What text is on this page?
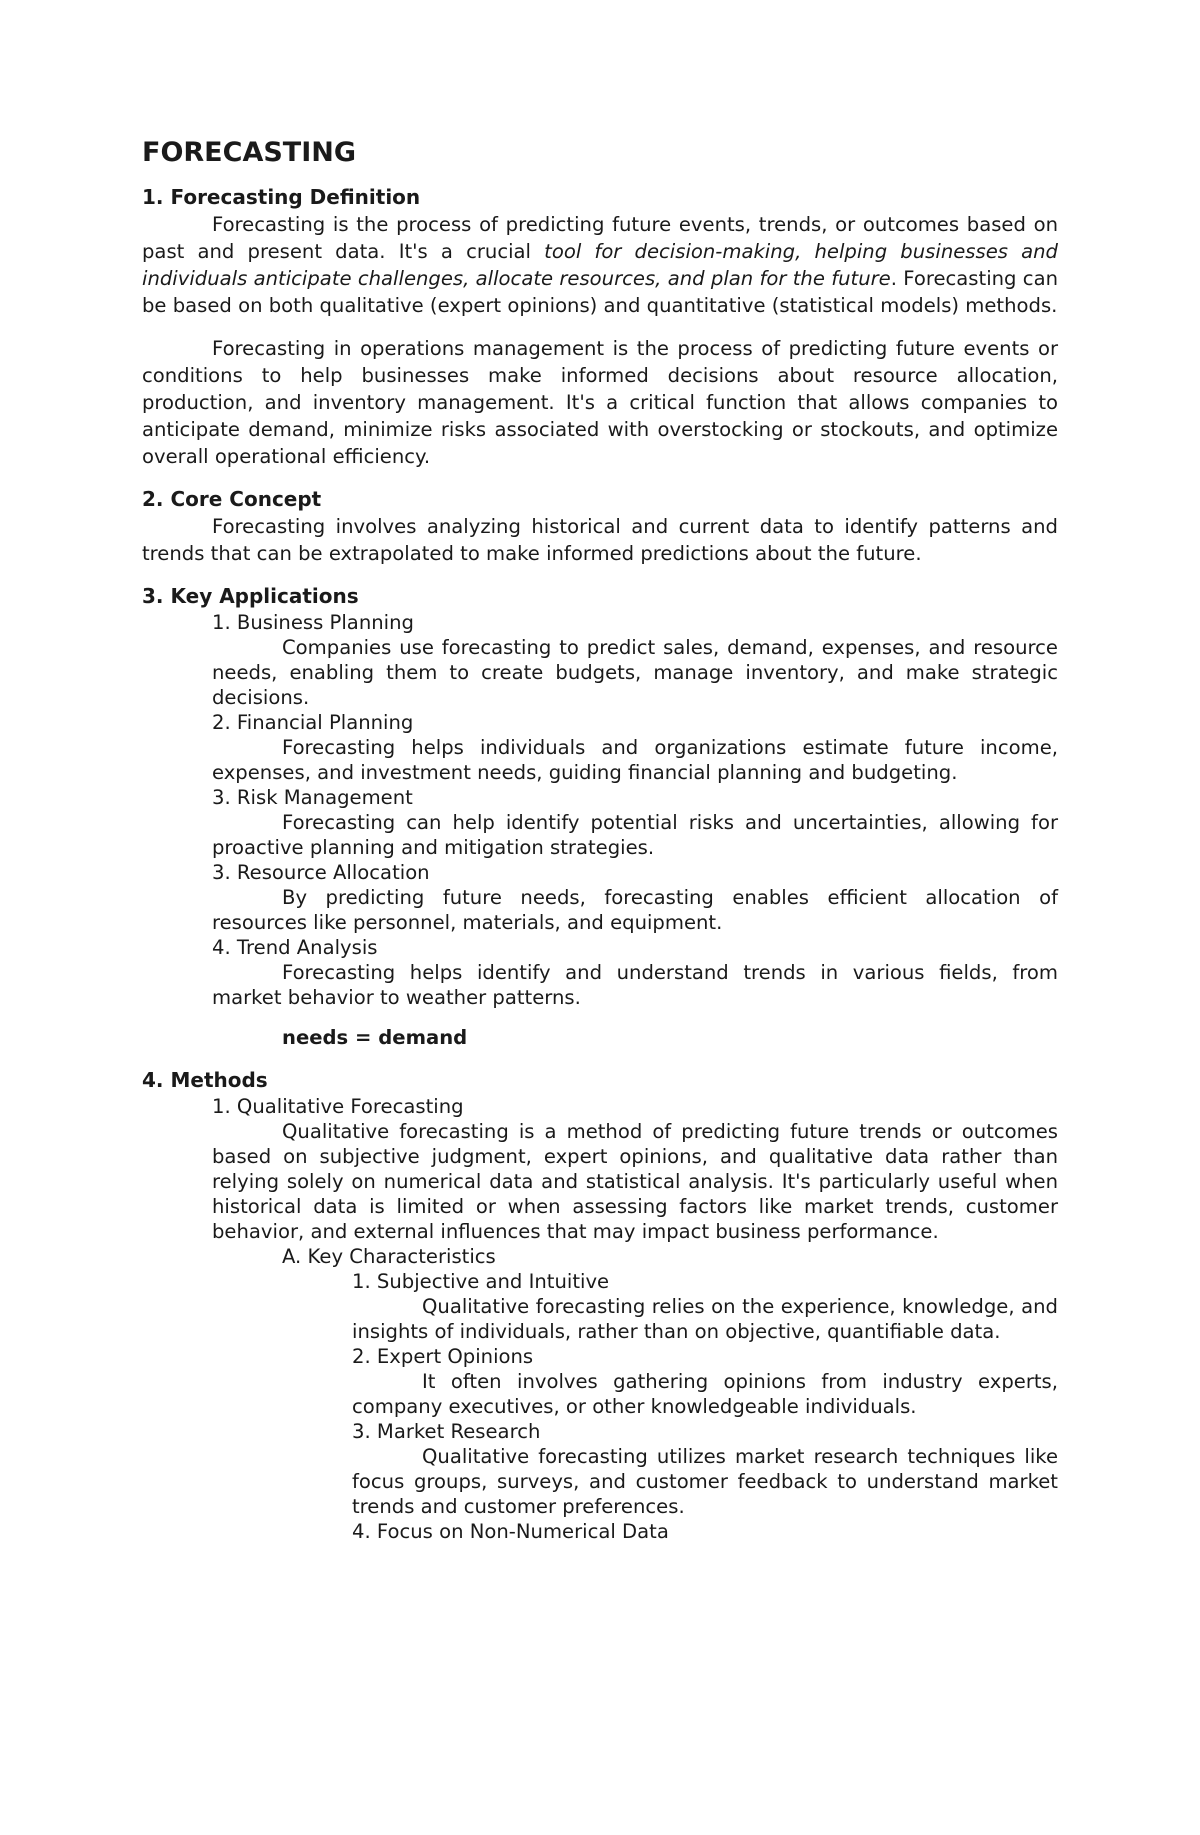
FORECASTING
1. Forecasting Definition

Forecasting is the process of predicting future events, trends, or outcomes based on past and present data. It's a crucial tool for decision-making, helping businesses and individuals anticipate challenges, allocate resources, and plan for the future. Forecasting can be based on both qualitative (expert opinions) and quantitative (statistical models) methods.

Forecasting in operations management is the process of predicting future events or conditions to help businesses make informed decisions about resource allocation, production, and inventory management. It's a critical function that allows companies to anticipate demand, minimize risks associated with overstocking or stockouts, and optimize overall operational efficiency.

2. Core Concept

Forecasting involves analyzing historical and current data to identify patterns and trends that can be extrapolated to make informed predictions about the future.

3. Key Applications
1. Business Planning

Companies use forecasting to predict sales, demand, expenses, and resource needs, enabling them to create budgets, manage inventory, and make strategic decisions.

2. Financial Planning

Forecasting helps individuals and organizations estimate future income, expenses, and investment needs, guiding financial planning and budgeting.

3. Risk Management

Forecasting can help identify potential risks and uncertainties, allowing for proactive planning and mitigation strategies.

3. Resource Allocation

By predicting future needs, forecasting enables efficient allocation of resources like personnel, materials, and equipment.

4. Trend Analysis

Forecasting helps identify and understand trends in various fields, from market behavior to weather patterns.

needs = demand
4. Methods
1. Qualitative Forecasting

Qualitative forecasting is a method of predicting future trends or outcomes based on subjective judgment, expert opinions, and qualitative data rather than relying solely on numerical data and statistical analysis. It's particularly useful when historical data is limited or when assessing factors like market trends, customer behavior, and external influences that may impact business performance.

A. Key Characteristics
1. Subjective and Intuitive

Qualitative forecasting relies on the experience, knowledge, and insights of individuals, rather than on objective, quantifiable data.

2. Expert Opinions

It often involves gathering opinions from industry experts, company executives, or other knowledgeable individuals.

3. Market Research

Qualitative forecasting utilizes market research techniques like focus groups, surveys, and customer feedback to understand market trends and customer preferences.

4. Focus on Non-Numerical Data
